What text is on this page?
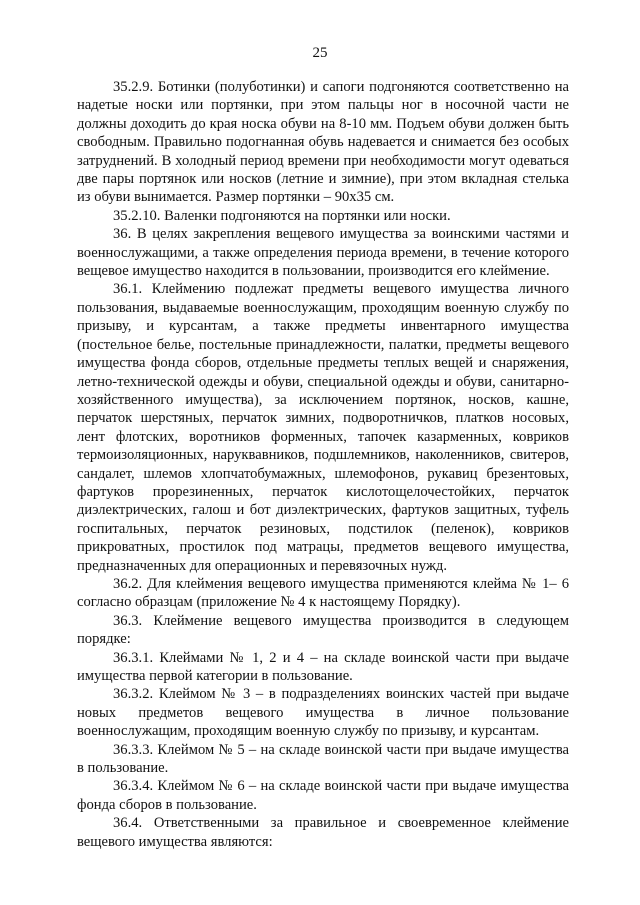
25

35.2.9. Ботинки (полуботинки) и сапоги подгоняются соответственно на надетые носки или портянки, при этом пальцы ног в носочной части не должны доходить до края носка обуви на 8-10 мм. Подъем обуви должен быть свободным. Правильно подогнанная обувь надевается и снимается без особых затруднений. В холодный период времени при необходимости могут одеваться две пары портянок или носков (летние и зимние), при этом вкладная стелька из обуви вынимается. Размер портянки – 90х35 см.

35.2.10. Валенки подгоняются на портянки или носки.

36. В целях закрепления вещевого имущества за воинскими частями и военнослужащими, а также определения периода времени, в течение которого вещевое имущество находится в пользовании, производится его клеймение.

36.1. Клеймению подлежат предметы вещевого имущества личного пользования, выдаваемые военнослужащим, проходящим военную службу по призыву, и курсантам, а также предметы инвентарного имущества (постельное белье, постельные принадлежности, палатки, предметы вещевого имущества фонда сборов, отдельные предметы теплых вещей и снаряжения, летно-технической одежды и обуви, специальной одежды и обуви, санитарно-хозяйственного имущества), за исключением портянок, носков, кашне, перчаток шерстяных, перчаток зимних, подворотничков, платков носовых, лент флотских, воротников форменных, тапочек казарменных, ковриков термоизоляционных, наруквавников, подшлемников, наколенников, свитеров, сандалет, шлемов хлопчатобумажных, шлемофонов, рукавиц брезентовых, фартуков прорезиненных, перчаток кислотощелочестойких, перчаток диэлектрических, галош и бот диэлектрических, фартуков защитных, туфель госпитальных, перчаток резиновых, подстилок (пеленок), ковриков прикроватных, простилок под матрацы, предметов вещевого имущества, предназначенных для операционных и перевязочных нужд.

36.2. Для клеймения вещевого имущества применяются клейма № 1– 6 согласно образцам (приложение № 4 к настоящему Порядку).

36.3. Клеймение вещевого имущества производится в следующем порядке:

36.3.1. Клеймами № 1, 2 и 4 – на складе воинской части при выдаче имущества первой категории в пользование.

36.3.2. Клеймом № 3 – в подразделениях воинских частей при выдаче новых предметов вещевого имущества в личное пользование военнослужащим, проходящим военную службу по призыву, и курсантам.

36.3.3. Клеймом № 5 – на складе воинской части при выдаче имущества в пользование.

36.3.4. Клеймом № 6 – на складе воинской части при выдаче имущества фонда сборов в пользование.

36.4. Ответственными за правильное и своевременное клеймение вещевого имущества являются:
